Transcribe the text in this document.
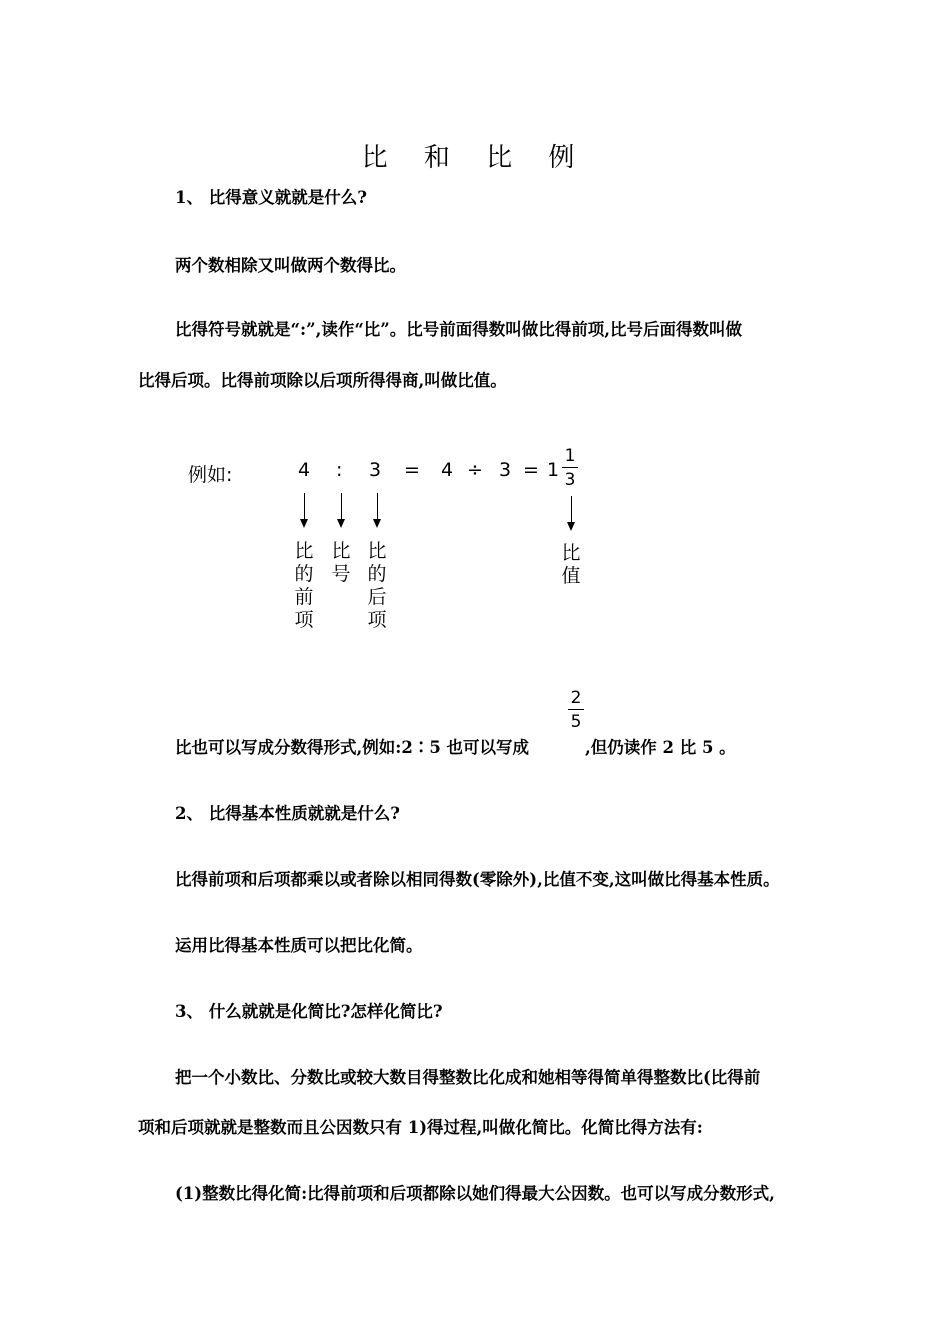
比 和 比 例
1、 比得意义就就是什么?
两个数相除又叫做两个数得比。
比得符号就就是“:”,读作“比”。比号前面得数叫做比得前项,比号后面得数叫做
比得后项。比得前项除以后项所得得商,叫做比值。
例如:	4 : 3 = 4 ÷ 3 = 1
1
3
比
的
前
项
比
号
比
的
后
项
比
值
2
5
比也可以写成分数得形式,例如:2∶5 也可以写成	,但仍读作 2 比 5 。
2、 比得基本性质就就是什么?
比得前项和后项都乘以或者除以相同得数(零除外),比值不变,这叫做比得基本性质。
运用比得基本性质可以把比化简。
3、 什么就就是化简比?怎样化简比?
把一个小数比、分数比或较大数目得整数比化成和她相等得简单得整数比(比得前
项和后项就就是整数而且公因数只有 1)得过程,叫做化简比。化简比得方法有:
(1)整数比得化简:比得前项和后项都除以她们得最大公因数。也可以写成分数形式,
